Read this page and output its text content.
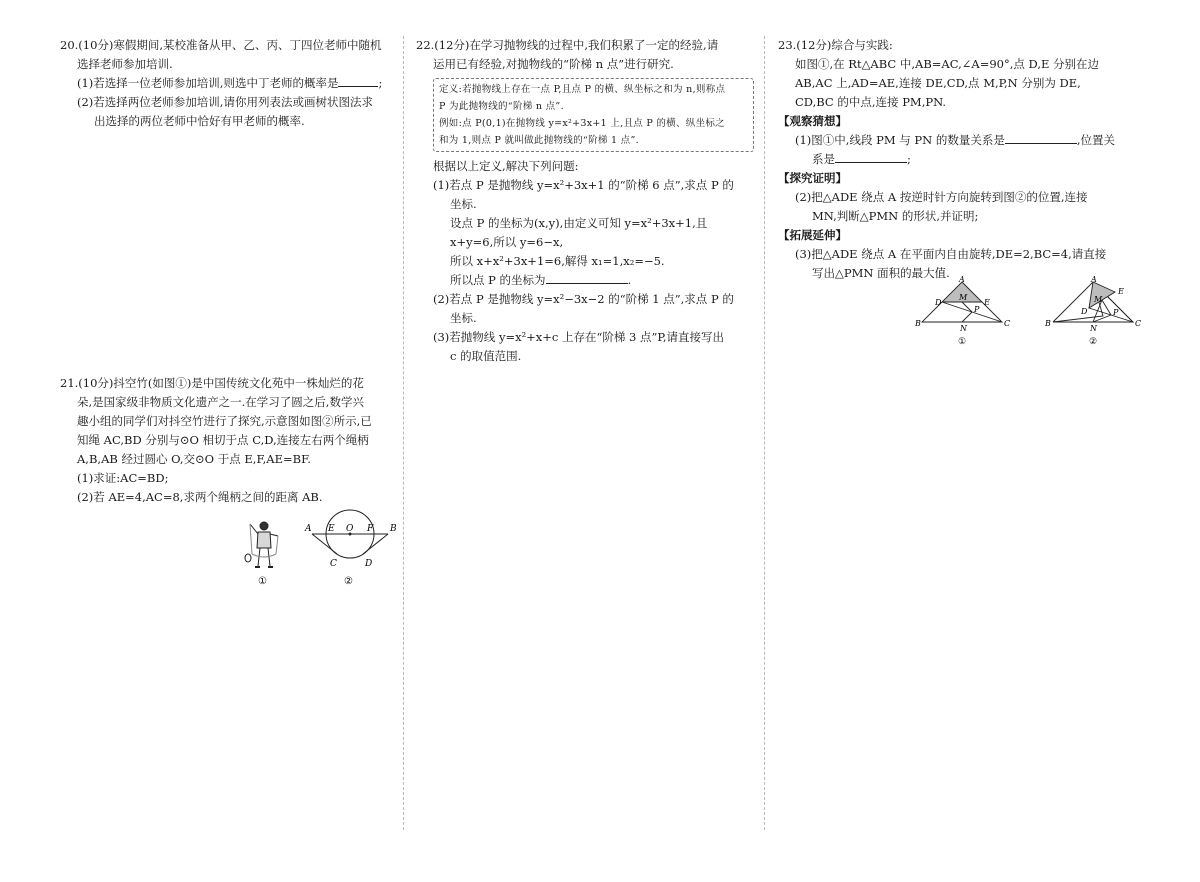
20.(10分)寒假期间,某校准备从甲、乙、丙、丁四位老师中随机
选择老师参加培训.
(1)若选择一位老师参加培训,则选中丁老师的概率是	;
(2)若选择两位老师参加培训,请你用列表法或画树状图法求
出选择的两位老师中恰好有甲老师的概率.
21.(10分)抖空竹(如图①)是中国传统文化苑中一株灿烂的花
朵,是国家级非物质文化遗产之一.在学习了圆之后,数学兴
趣小组的同学们对抖空竹进行了探究,示意图如图②所示,已
知绳 AC,BD 分别与⊙O 相切于点 C,D,连接左右两个绳柄
A,B,AB 经过圆心 O,交⊙O 于点 E,F,AE=BF.
(1)求证:AC=BD;
(2)若 AE=4,AC=8,求两个绳柄之间的距离 AB.
①
A E O F B
C	D
②
22.(12分)在学习抛物线的过程中,我们积累了一定的经验,请
运用已有经验,对抛物线的“阶梯 n 点”进行研究.
定义:若抛物线上存在一点 P,且点 P 的横、纵坐标之和为 n,则称点
P 为此抛物线的“阶梯 n 点”.
例如:点 P(0,1)在抛物线 y=x²+3x+1 上,且点 P 的横、纵坐标之
和为 1,则点 P 就叫做此抛物线的“阶梯 1 点”.
根据以上定义,解决下列问题:
(1)若点 P 是抛物线 y=x²+3x+1 的“阶梯 6 点”,求点 P 的
坐标.
设点 P 的坐标为(x,y),由定义可知 y=x²+3x+1,且
x+y=6,所以 y=6−x,
所以 x+x²+3x+1=6,解得 x₁=1,x₂=−5.
所以点 P 的坐标为	.
(2)若点 P 是抛物线 y=x²−3x−2 的“阶梯 1 点”,求点 P 的
坐标.
(3)若抛物线 y=x²+x+c 上存在“阶梯 3 点”P,请直接写出
c 的取值范围.
23.(12分)综合与实践:
如图①,在 Rt△ABC 中,AB=AC,∠A=90°,点 D,E 分别在边
AB,AC 上,AD=AE,连接 DE,CD,点 M,P,N 分别为 DE,
CD,BC 的中点,连接 PM,PN.
【观察猜想】
(1)图①中,线段 PM 与 PN 的数量关系是	,位置关
系是	;
【探究证明】
(2)把△ADE 绕点 A 按逆时针方向旋转到图②的位置,连接
MN,判断△PMN 的形状,并证明;
【拓展延伸】
(3)把△ADE 绕点 A 在平面内自由旋转,DE=2,BC=4,请直接
写出△PMN 面积的最大值.	A
D
M
E
P
B
N
C
①
A
E
M
D	P
B
N
C
②
